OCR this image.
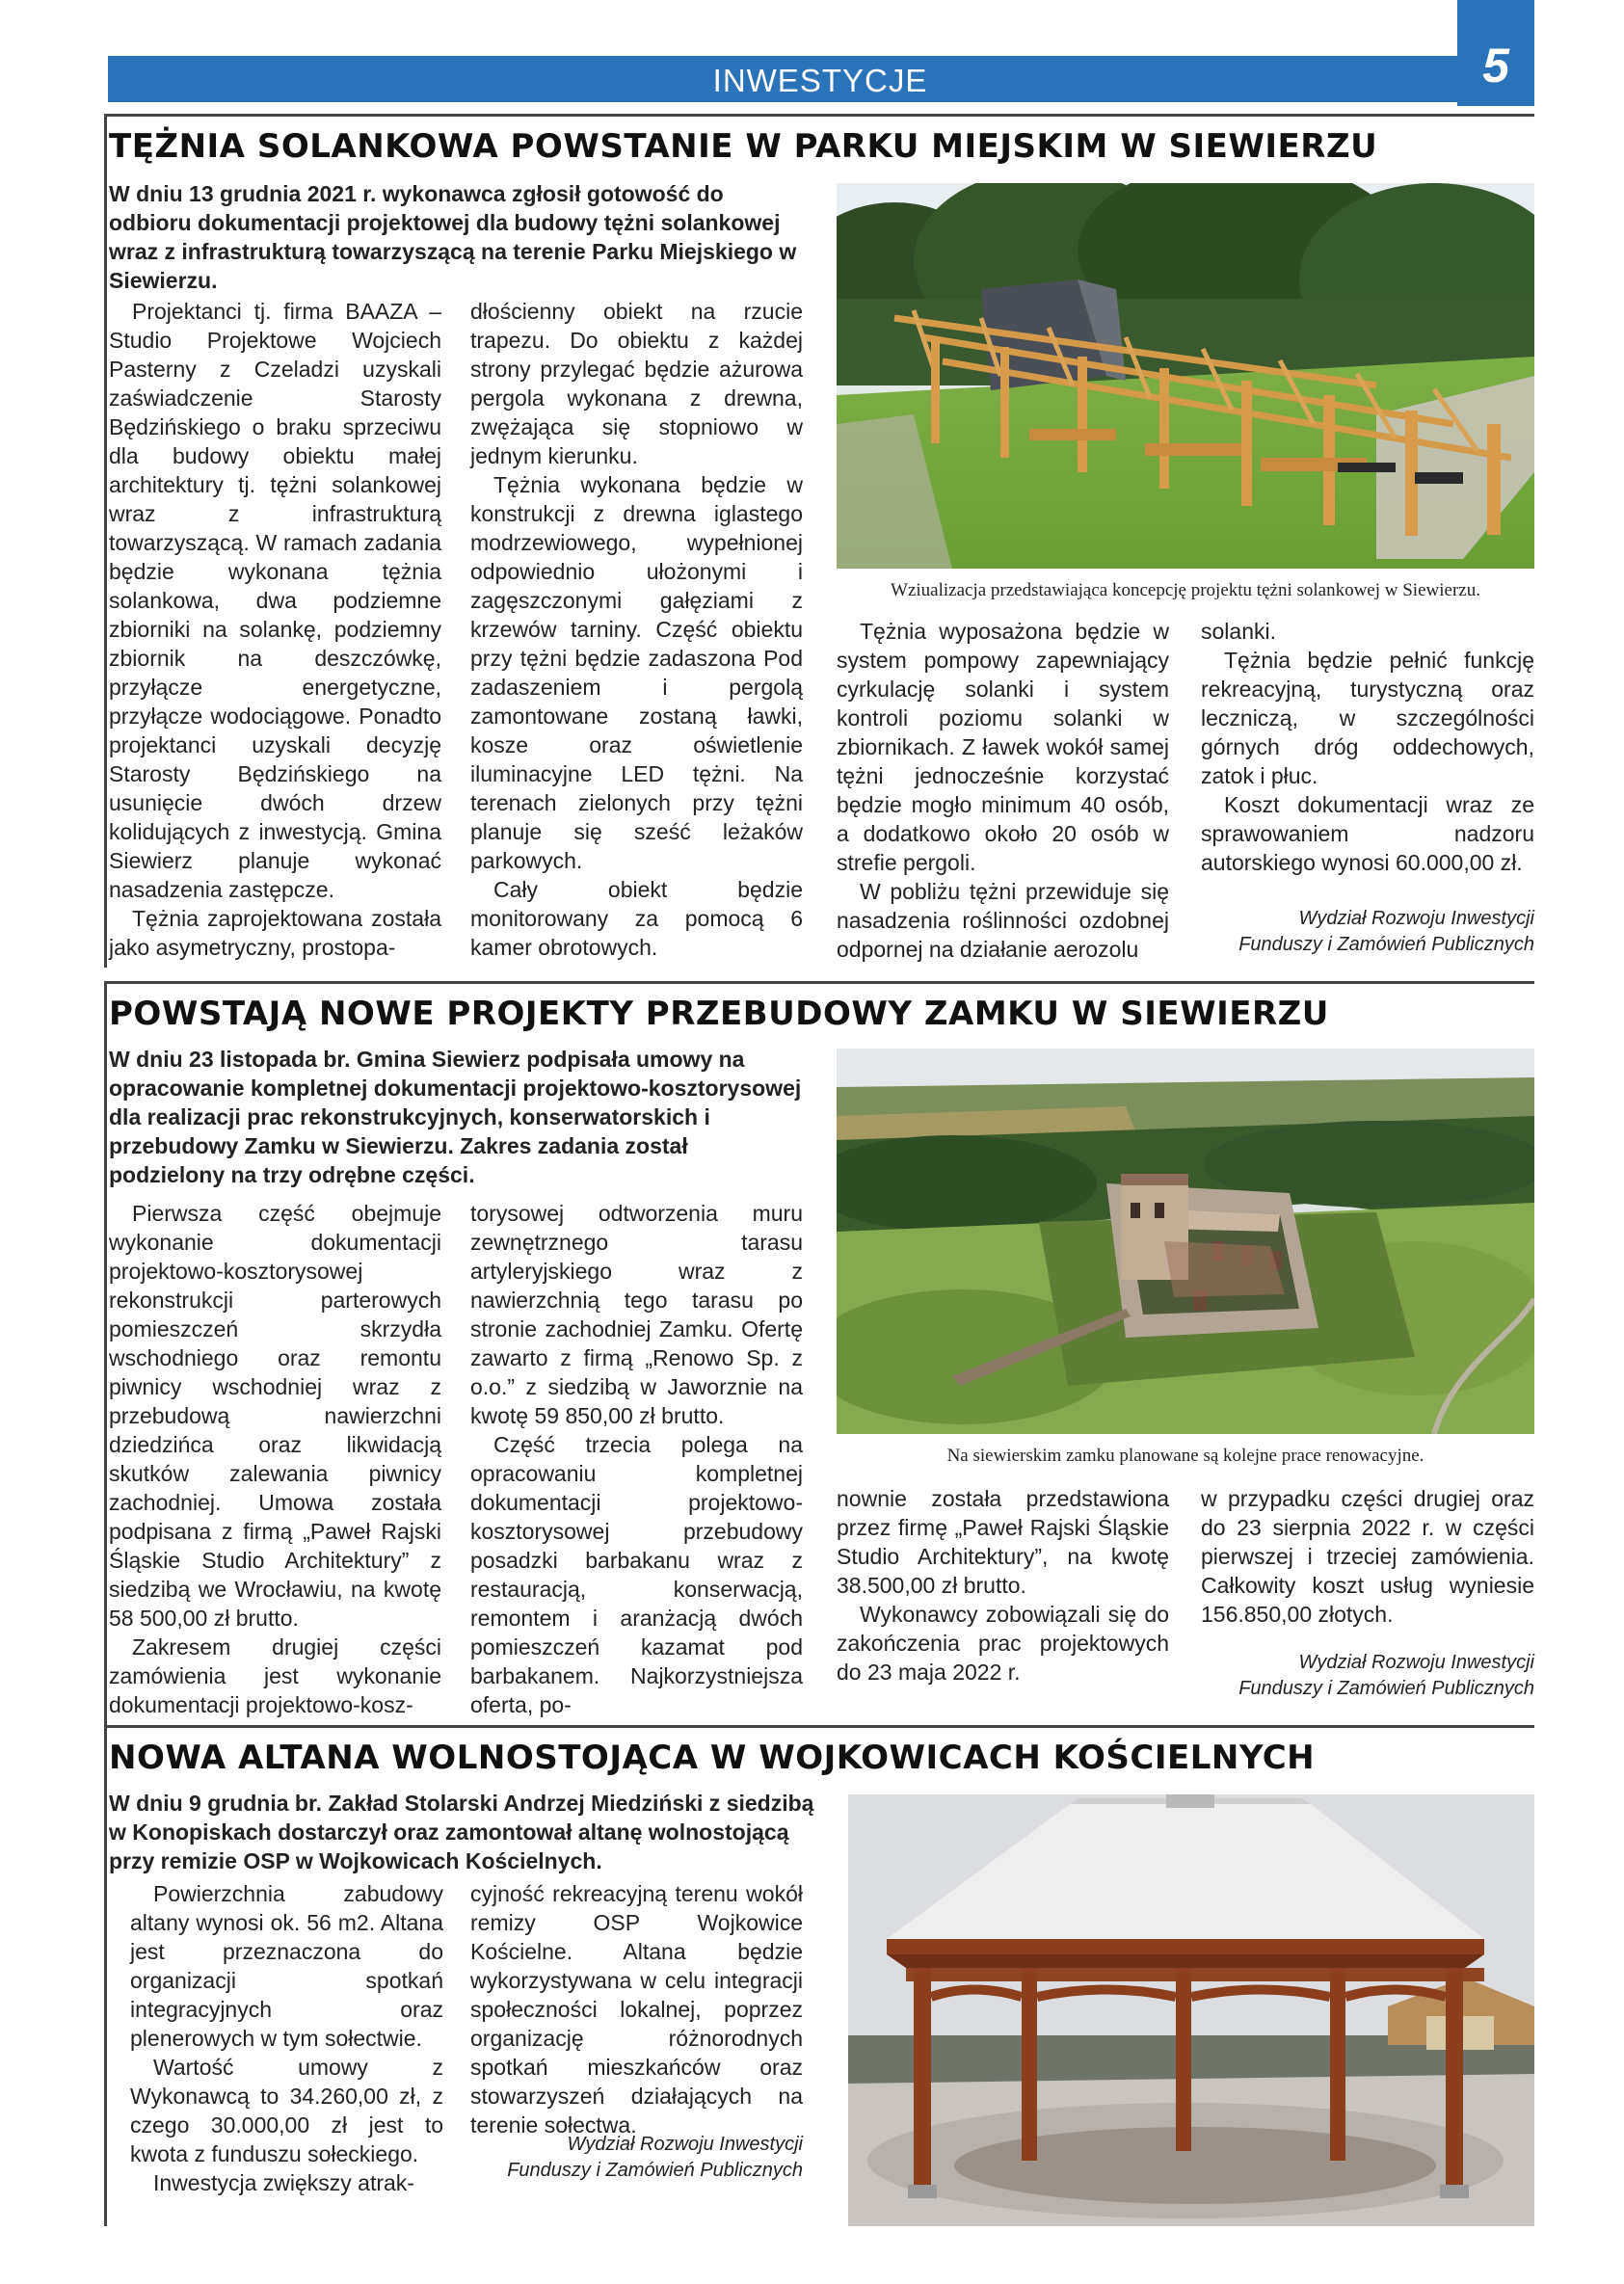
INWESTYCJE	5
TĘŻNIA SOLANKOWA POWSTANIE W PARKU MIEJSKIM W SIEWIERZU
W dniu 13 grudnia 2021 r. wykonawca zgłosił gotowość do odbioru dokumentacji projektowej dla budowy tężni solankowej wraz z infrastrukturą towarzyszącą na terenie Parku Miejskiego w Siewierzu.

Projektanci tj. firma BAAZA – Studio Projektowe Wojciech Pasterny z Czeladzi uzyskali zaświadczenie Starosty Będzińskiego o braku sprzeciwu dla budowy obiektu małej architektury tj. tężni solankowej wraz z infrastrukturą towarzyszącą. W ramach zadania będzie wykonana tężnia solankowa, dwa podziemne zbiorniki na solankę, podziemny zbiornik na deszczówkę, przyłącze energetyczne, przyłącze wodociągowe. Ponadto projektanci uzyskali decyzję Starosty Będzińskiego na usunięcie dwóch drzew kolidujących z inwestycją. Gmina Siewierz planuje wykonać nasadzenia zastępcze.

Tężnia zaprojektowana została jako asymetryczny, prostopa-

dłościenny obiekt na rzucie trapezu. Do obiektu z każdej strony przylegać będzie ażurowa pergola wykonana z drewna, zwężająca się stopniowo w jednym kierunku.

Tężnia wykonana będzie w konstrukcji z drewna iglastego modrzewiowego, wypełnionej odpowiednio ułożonymi i zagęszczonymi gałęziami z krzewów tarniny. Część obiektu przy tężni będzie zadaszona Pod zadaszeniem i pergolą zamontowane zostaną ławki, kosze oraz oświetlenie iluminacyjne LED tężni. Na terenach zielonych przy tężni planuje się sześć leżaków parkowych.

Cały obiekt będzie monitorowany za pomocą 6 kamer obrotowych.

Wziualizacja przedstawiająca koncepcję projektu tężni solankowej w Siewierzu.

Tężnia wyposażona będzie w system pompowy zapewniający cyrkulację solanki i system kontroli poziomu solanki w zbiornikach. Z ławek wokół samej tężni jednocześnie korzystać będzie mogło minimum 40 osób, a dodatkowo około 20 osób w strefie pergoli.

W pobliżu tężni przewiduje się nasadzenia roślinności ozdobnej odpornej na działanie aerozolu

solanki.

Tężnia będzie pełnić funkcję rekreacyjną, turystyczną oraz leczniczą, w szczególności górnych dróg oddechowych, zatok i płuc.

Koszt dokumentacji wraz ze sprawowaniem nadzoru autorskiego wynosi 60.000,00 zł.

Wydział Rozwoju Inwestycji
Funduszy i Zamówień Publicznych
POWSTAJĄ NOWE PROJEKTY PRZEBUDOWY ZAMKU W SIEWIERZU
W dniu 23 listopada br. Gmina Siewierz podpisała umowy na opracowanie kompletnej dokumentacji projektowo-kosztorysowej dla realizacji prac rekonstrukcyjnych, konserwatorskich i przebudowy Zamku w Siewierzu. Zakres zadania został podzielony na trzy odrębne części.

Pierwsza część obejmuje wykonanie dokumentacji projektowo-kosztorysowej rekonstrukcji parterowych pomieszczeń skrzydła wschodniego oraz remontu piwnicy wschodniej wraz z przebudową nawierzchni dziedzińca oraz likwidacją skutków zalewania piwnicy zachodniej. Umowa została podpisana z firmą „Paweł Rajski Śląskie Studio Architektury” z siedzibą we Wrocławiu, na kwotę 58 500,00 zł brutto.

Zakresem drugiej części zamówienia jest wykonanie dokumentacji projektowo-kosz-

torysowej odtworzenia muru zewnętrznego tarasu artyleryjskiego wraz z nawierzchnią tego tarasu po stronie zachodniej Zamku. Ofertę zawarto z firmą „Renowo Sp. z o.o.” z siedzibą w Jaworznie na kwotę 59 850,00 zł brutto.

Część trzecia polega na opracowaniu kompletnej dokumentacji projektowo-kosztorysowej przebudowy posadzki barbakanu wraz z restauracją, konserwacją, remontem i aranżacją dwóch pomieszczeń kazamat pod barbakanem. Najkorzystniejsza oferta, po-

Na siewierskim zamku planowane są kolejne prace renowacyjne.

nownie została przedstawiona przez firmę „Paweł Rajski Śląskie Studio Architektury”, na kwotę 38.500,00 zł brutto.

Wykonawcy zobowiązali się do zakończenia prac projektowych do 23 maja 2022 r.

w przypadku części drugiej oraz do 23 sierpnia 2022 r. w części pierwszej i trzeciej zamówienia. Całkowity koszt usług wyniesie 156.850,00 złotych.

Wydział Rozwoju Inwestycji
Funduszy i Zamówień Publicznych
NOWA ALTANA WOLNOSTOJĄCA W WOJKOWICACH KOŚCIELNYCH
W dniu 9 grudnia br. Zakład Stolarski Andrzej Miedziński z siedzibą w Konopiskach dostarczył oraz zamontował altanę wolnostojącą przy remizie OSP w Wojkowicach Kościelnych.

Powierzchnia zabudowy altany wynosi ok. 56 m2. Altana jest przeznaczona do organizacji spotkań integracyjnych oraz plenerowych w tym sołectwie.

Wartość umowy z Wykonawcą to 34.260,00 zł, z czego 30.000,00 zł jest to kwota z funduszu sołeckiego.

Inwestycja zwiększy atrak-

cyjność rekreacyjną terenu wokół remizy OSP Wojkowice Kościelne. Altana będzie wykorzystywana w celu integracji społeczności lokalnej, poprzez organizację różnorodnych spotkań mieszkańców oraz stowarzyszeń działających na terenie sołectwa.

Wydział Rozwoju Inwestycji
Funduszy i Zamówień Publicznych
